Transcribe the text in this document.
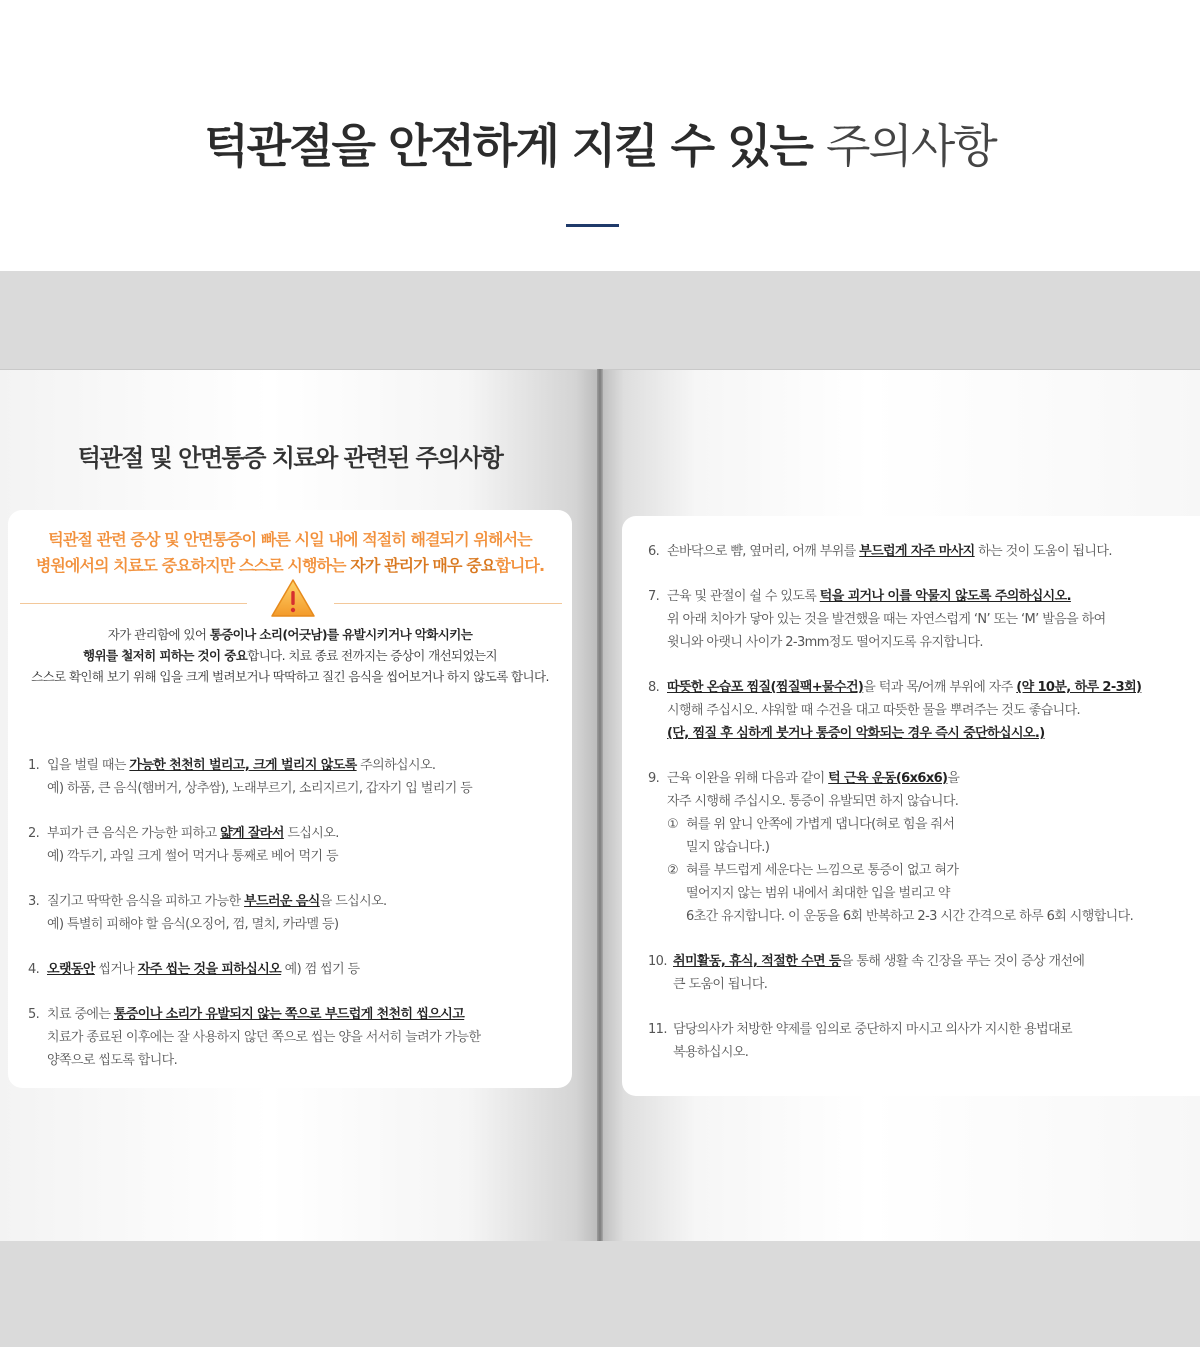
턱관절을 안전하게 지킬 수 있는 주의사항
턱관절 및 안면통증 치료와 관련된 주의사항
턱관절 관련 증상 및 안면통증이 빠른 시일 내에 적절히 해결되기 위해서는
병원에서의 치료도 중요하지만 스스로 시행하는 자가 관리가 매우 중요합니다.
자가 관리함에 있어 통증이나 소리(어긋남)를 유발시키거나 악화시키는
행위를 철저히 피하는 것이 중요합니다. 치료 종료 전까지는 증상이 개선되었는지
스스로 확인해 보기 위해 입을 크게 벌려보거나 딱딱하고 질긴 음식을 씹어보거나 하지 않도록 합니다.
1. 입을 벌릴 때는 가능한 천천히 벌리고, 크게 벌리지 않도록 주의하십시오.
예) 하품, 큰 음식(햄버거, 상추쌈), 노래부르기, 소리지르기, 갑자기 입 벌리기 등
2. 부피가 큰 음식은 가능한 피하고 얇게 잘라서 드십시오.
예) 깍두기, 과일 크게 썰어 먹거나 통째로 베어 먹기 등
3. 질기고 딱딱한 음식을 피하고 가능한 부드러운 음식을 드십시오.
예) 특별히 피해야 할 음식(오징어, 껌, 멸치, 카라멜 등)
4. 오랫동안 씹거나 자주 씹는 것을 피하십시오 예) 껌 씹기 등
5. 치료 중에는 통증이나 소리가 유발되지 않는 쪽으로 부드럽게 천천히 씹으시고
치료가 종료된 이후에는 잘 사용하지 않던 쪽으로 씹는 양을 서서히 늘려가 가능한
양쪽으로 씹도록 합니다.
6. 손바닥으로 뺨, 옆머리, 어깨 부위를 부드럽게 자주 마사지 하는 것이 도움이 됩니다.
7. 근육 및 관절이 쉴 수 있도록 턱을 괴거나 이를 악물지 않도록 주의하십시오.
위 아래 치아가 닿아 있는 것을 발견했을 때는 자연스럽게 ‘N’ 또는 ‘M’ 발음을 하여
윗니와 아랫니 사이가 2-3mm정도 떨어지도록 유지합니다.
8. 따뜻한 온습포 찜질(찜질팩+물수건)을 턱과 목/어깨 부위에 자주 (약 10분, 하루 2-3회)
시행해 주십시오. 샤워할 때 수건을 대고 따뜻한 물을 뿌려주는 것도 좋습니다.
(단, 찜질 후 심하게 붓거나 통증이 악화되는 경우 즉시 중단하십시오.)
9. 근육 이완을 위해 다음과 같이 턱 근육 운동(6x6x6)을
자주 시행해 주십시오. 통증이 유발되면 하지 않습니다.
① 혀를 위 앞니 안쪽에 가볍게 댑니다(혀로 힘을 줘서
밀지 않습니다.)
② 혀를 부드럽게 세운다는 느낌으로 통증이 없고 혀가
떨어지지 않는 범위 내에서 최대한 입을 벌리고 약
6초간 유지합니다. 이 운동을 6회 반복하고 2-3 시간 간격으로 하루 6회 시행합니다.
10. 취미활동, 휴식, 적절한 수면 등을 통해 생활 속 긴장을 푸는 것이 증상 개선에
큰 도움이 됩니다.
11. 담당의사가 처방한 약제를 임의로 중단하지 마시고 의사가 지시한 용법대로
복용하십시오.
